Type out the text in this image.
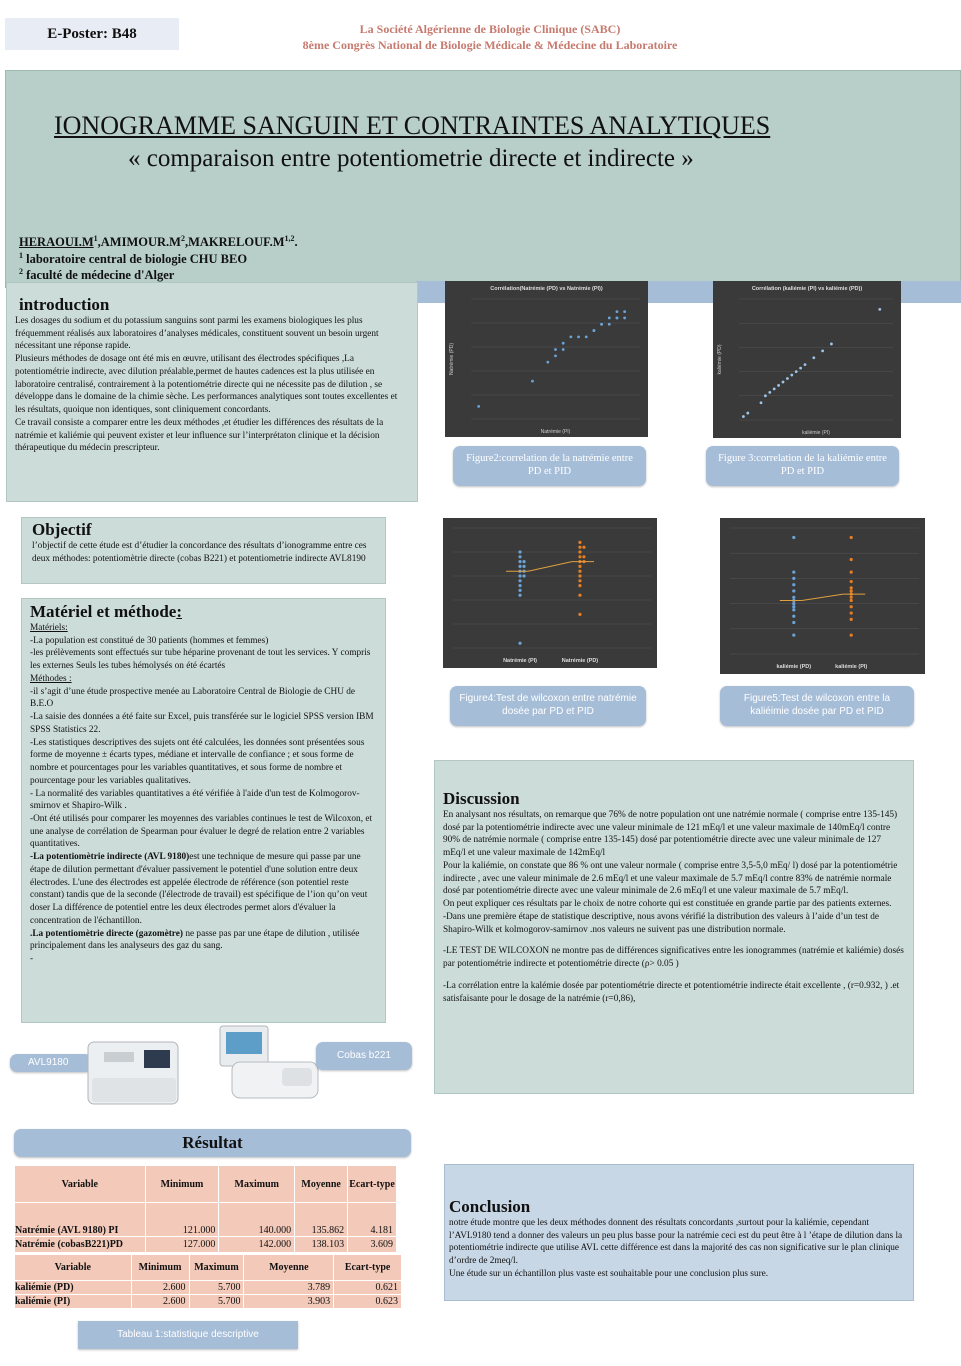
E-Poster: B48	La Société Algérienne de Biologie Clinique (SABC)
8ème Congrès National de Biologie Médicale & Médecine du Laboratoire
IONOGRAMME SANGUIN ET CONTRAINTES ANALYTIQUES
« comparaison entre potentiometrie directe et indirecte »
$HERAOUI.M^1,AMIMOUR.M^2,MAKRELOUF.M^{1,2}$.
$^1$ laboratoire central de biologie CHU BEO
$^2$ faculté de médecine d'Alger
introduction

Les dosages du sodium et du potassium sanguins sont parmi les examens biologiques les plus fréquemment réalisés aux laboratoires d’analyses médicales, constituent souvent un besoin urgent nécessitant une réponse rapide.

Plusieurs méthodes de dosage ont été mis en œuvre, utilisant des électrodes spécifiques ,La potentiométrie indirecte, avec dilution préalable,permet de hautes cadences est la plus utilisée en laboratoire centralisé, contrairement à la potentiométrie directe qui ne nécessite pas de dilution , se développe dans le domaine de la chimie sèche. Les performances analytiques sont toutes excellentes et les résultats, quoique non identiques, sont cliniquement concordants.

Ce travail consiste a comparer entre les deux méthodes ,et étudier les différences des résultats de la natrémie et kaliémie qui peuvent exister et leur influence sur l’interprétaton clinique et la décision thérapeutique du médecin prescripteur.

Objectif

l’objectif de cette étude est d’étudier la concordance des résultats d’ionogramme entre ces deux méthodes: potentiomètrie directe (cobas B221) et potentiometrie indirecte AVL8190

Matériel et méthode:

Matériels:

-La population est constitué de 30 patients (hommes et femmes)

-les prélèvements sont effectués sur tube héparine provenant de tout les services. Y compris les externes Seuls les tubes hémolysés on été écartés

Méthodes :

-il s’agit d’une étude prospective menée au Laboratoire Central de Biologie de CHU de B.E.O

-La saisie des données a été faite sur Excel, puis transférée sur le logiciel SPSS version IBM SPSS Statistics 22.

-Les statistiques descriptives des sujets ont été calculées, les données sont présentées sous forme de moyenne ± écarts types, médiane et intervalle de confiance ; et sous forme de nombre et pourcentages pour les variables quantitatives, et sous forme de nombre et pourcentage pour les variables qualitatives.

- La normalité des variables quantitatives a été vérifiée à l'aide d'un test de Kolmogorov-smirnov et Shapiro-Wilk .

-Ont été utilisés pour comparer les moyennes des variables continues le test de Wilcoxon, et une analyse de corrélation de Spearman pour évaluer le degré de relation entre 2 variables quantitatives.

-La potentiomètrie indirecte (AVL 9180)est une technique de mesure qui passe par une étape de dilution permettant d'évaluer passivement le potentiel d'une solution entre deux électrodes. L'une des électrodes est appelée électrode de référence (son potentiel reste constant) tandis que de la seconde (l'électrode de travail) est spécifique de l’ion qu’on veut doser La différence de potentiel entre les deux électrodes permet alors d'évaluer la concentration de l'échantillon.

.La potentiomètrie directe (gazomètre) ne passe pas par une étape de dilution , utilisée principalement dans les analyseurs des gaz du sang.

-

AVL9180
Cobas b221
Résultat
Variable	Minimum	Maximum	Moyenne	Ecart-type
Natrémie (AVL 9180) PI	121.000	140.000	135.862	4.181
Natrémie (cobasB221)PD	127.000	142.000	138.103	3.609
Variable	Minimum	Maximum	Moyenne	Ecart-type
kaliémie (PD)	2.600	5.700	3.789	0.621
kaliémie (PI)	2.600	5.700	3.903	0.623
Tableau 1:statistique descriptive
Corrélation(Natrémie (PD) vs Natrémie (PI))
Natrémie (PI)
Natrémie (PD)
Corrélation (kaliémie (PI) vs kaliémie (PD))
kaliémie (PI)
kaliémie (PD)
Figure2:correlation de la natrémie entre PD et PID
Figure 3:correlation de la kaliémie entre PD et PID
Natrémie (PI)	Natrémie (PD)
kaliémie (PD)	kaliémie (PI)
Figure4:Test de wilcoxon entre natrémie dosée par PD et PID
Figure5:Test de wilcoxon entre la kaliéimie dosée par PD et PID
Discussion

En analysant nos résultats, on remarque que 76% de notre population ont une natrémie normale ( comprise entre 135-145) dosé par la potentiométrie indirecte avec une valeur minimale de 121 mEq/l et une valeur maximale de 140mEq/l contre 90% de natrémie normale ( comprise entre 135-145) dosé par potentiométrie directe avec une valeur minimale de 127 mEq/l et une valeur maximale de 142mEq/l

Pour la kaliémie, on constate que 86 % ont une valeur normale ( comprise entre 3,5-5,0 mEq/ l) dosé par la potentiométrie indirecte , avec une valeur minimale de 2.6 mEq/l et une valeur maximale de 5.7 mEq/l contre 83% de natrémie normale dosé par potentiométrie directe avec une valeur minimale de 2.6 mEq/l et une valeur maximale de 5.7 mEq/l.

On peut expliquer ces résultats par le choix de notre cohorte qui est constituée en grande partie par des patients externes.

-Dans une première étape de statistique descriptive, nous avons vérifié la distribution des valeurs à l’aide d’un test de Shapiro-Wilk et kolmogorov-samirnov .nos valeurs ne suivent pas une distribution normale.

-LE TEST DE WILCOXON ne montre pas de différences significatives entre les ionogrammes (natrémie et kaliémie) dosés par potentiométrie indirecte et potentiométrie directe (ρ> 0.05 )

-La corrélation entre la kalémie dosée par potentiométrie directe et potentiométrie indirecte était excellente , (r=0.932, ) .et satisfaisante pour le dosage de la natrémie (r=0,86),

Conclusion

notre étude montre que les deux méthodes donnent des résultats concordants ,surtout pour la kaliémie, cependant l’AVL9180 tend a donner des valeurs un peu plus basse pour la natrémie ceci est du peut être à l ’étape de dilution dans la potentiométrie indirecte que utilise AVL cette différence est dans la majorité des cas non significative sur le plan clinique d’ordre de 2meq/l.

Une étude sur un échantillon plus vaste est souhaitable pour une conclusion plus sure.
